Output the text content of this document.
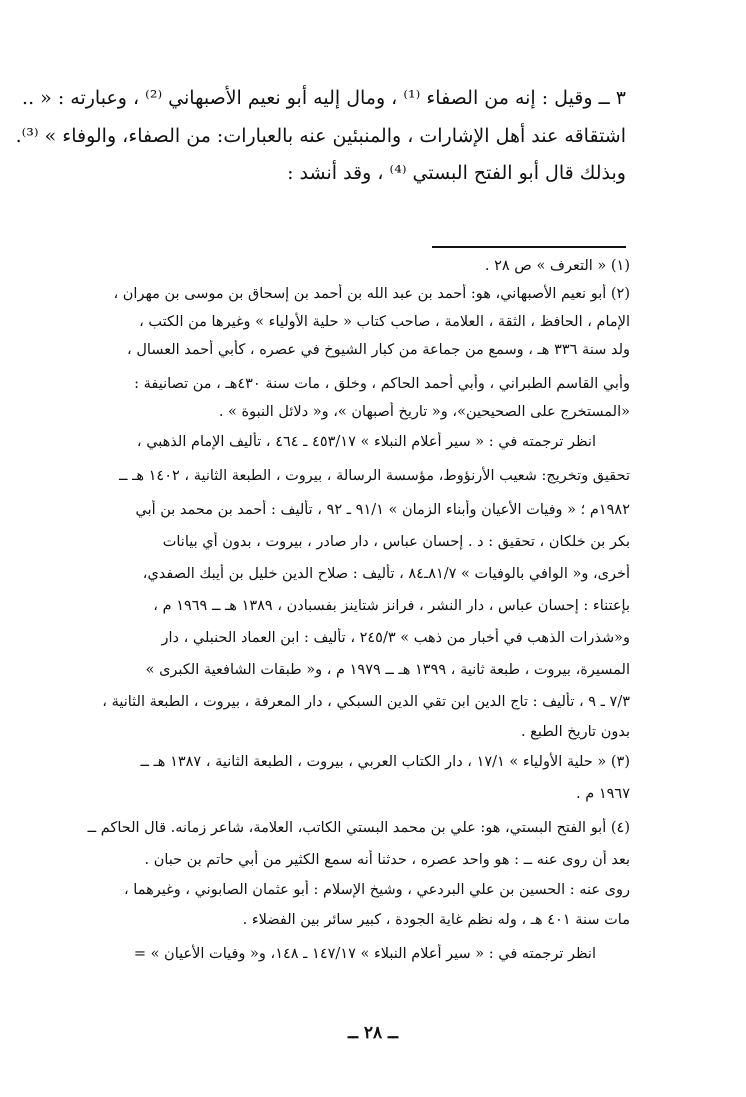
٣ ــ وقيل : إنه من الصفاء ⁽¹⁾ ، ومال إليه أبو نعيم الأصبهاني ⁽²⁾ ، وعبارته : « ..
اشتقاقه عند أهل الإشارات ، والمنبئين عنه بالعبارات: من الصفاء، والوفاء » ⁽³⁾.
وبذلك قال أبو الفتح البستي ⁽⁴⁾ ، وقد أنشد :
(١) « التعرف » ص ٢٨ .
(٢) أبو نعيم الأصبهاني، هو: أحمد بن عبد الله بن أحمد بن إسحاق بن موسى بن مهران ،
الإمام ، الحافظ ، الثقة ، العلامة ، صاحب كتاب « حلية الأولياء » وغيرها من الكتب ،
ولد سنة ٣٣٦ هـ ، وسمع من جماعة من كبار الشيوخ في عصره ، كأبي أحمد العسال ،
وأبي القاسم الطبراني ، وأبي أحمد الحاكم ، وخلق ، مات سنة ٤٣٠هـ ، من تصانيفة :
«المستخرج على الصحيحين»، و« تاريخ أصبهان »، و« دلائل النبوة » .
انظر ترجمته في : « سير أعلام النبلاء » ٤٥٣/١٧ ـ ٤٦٤ ، تأليف الإمام الذهبي ،
تحقيق وتخريج: شعيب الأرنؤوط، مؤسسة الرسالة ، بيروت ، الطبعة الثانية ، ١٤٠٢ هـ ــ
١٩٨٢م ؛ « وفيات الأعيان وأبناء الزمان » ٩١/١ ـ ٩٢ ، تأليف : أحمد بن محمد بن أبي
بكر بن خلكان ، تحقيق : د . إحسان عباس ، دار صادر ، بيروت ، بدون أي بيانات
أخرى، و« الوافي بالوفيات » ٨١/٧ـ٨٤ ، تأليف : صلاح الدين خليل بن أيبك الصفدي،
بإعتناء : إحسان عباس ، دار النشر ، فرانز شتاينز بفسبادن ، ١٣٨٩ هـ ــ ١٩٦٩ م ،
و«شذرات الذهب في أخبار من ذهب » ٢٤٥/٣ ، تأليف : ابن العماد الحنبلي ، دار
المسيرة، بيروت ، طبعة ثانية ، ١٣٩٩ هـ ــ ١٩٧٩ م ، و« طبقات الشافعية الكبرى »
٧/٣ ـ ٩ ، تأليف : تاج الدين ابن تقي الدين السبكي ، دار المعرفة ، بيروت ، الطبعة الثانية ،
بدون تاريخ الطبع .
(٣) « حلية الأولياء » ١٧/١ ، دار الكتاب العربي ، بيروت ، الطبعة الثانية ، ١٣٨٧ هـ ــ
١٩٦٧ م .
(٤) أبو الفتح البستي، هو: علي بن محمد البستي الكاتب، العلامة، شاعر زمانه. قال الحاكم ــ
بعد أن روى عنه ــ : هو واحد عصره ، حدثنا أنه سمع الكثير من أبي حاتم بن حبان .
روى عنه : الحسين بن علي البردعي ، وشيخ الإسلام : أبو عثمان الصابوني ، وغيرهما ،
مات سنة ٤٠١ هـ ، وله نظم غاية الجودة ، كبير سائر بين الفضلاء .
انظر ترجمته في : « سير أعلام النبلاء » ١٤٧/١٧ ـ ١٤٨، و« وفيات الأعيان » =
ــ ٢٨ ــ
